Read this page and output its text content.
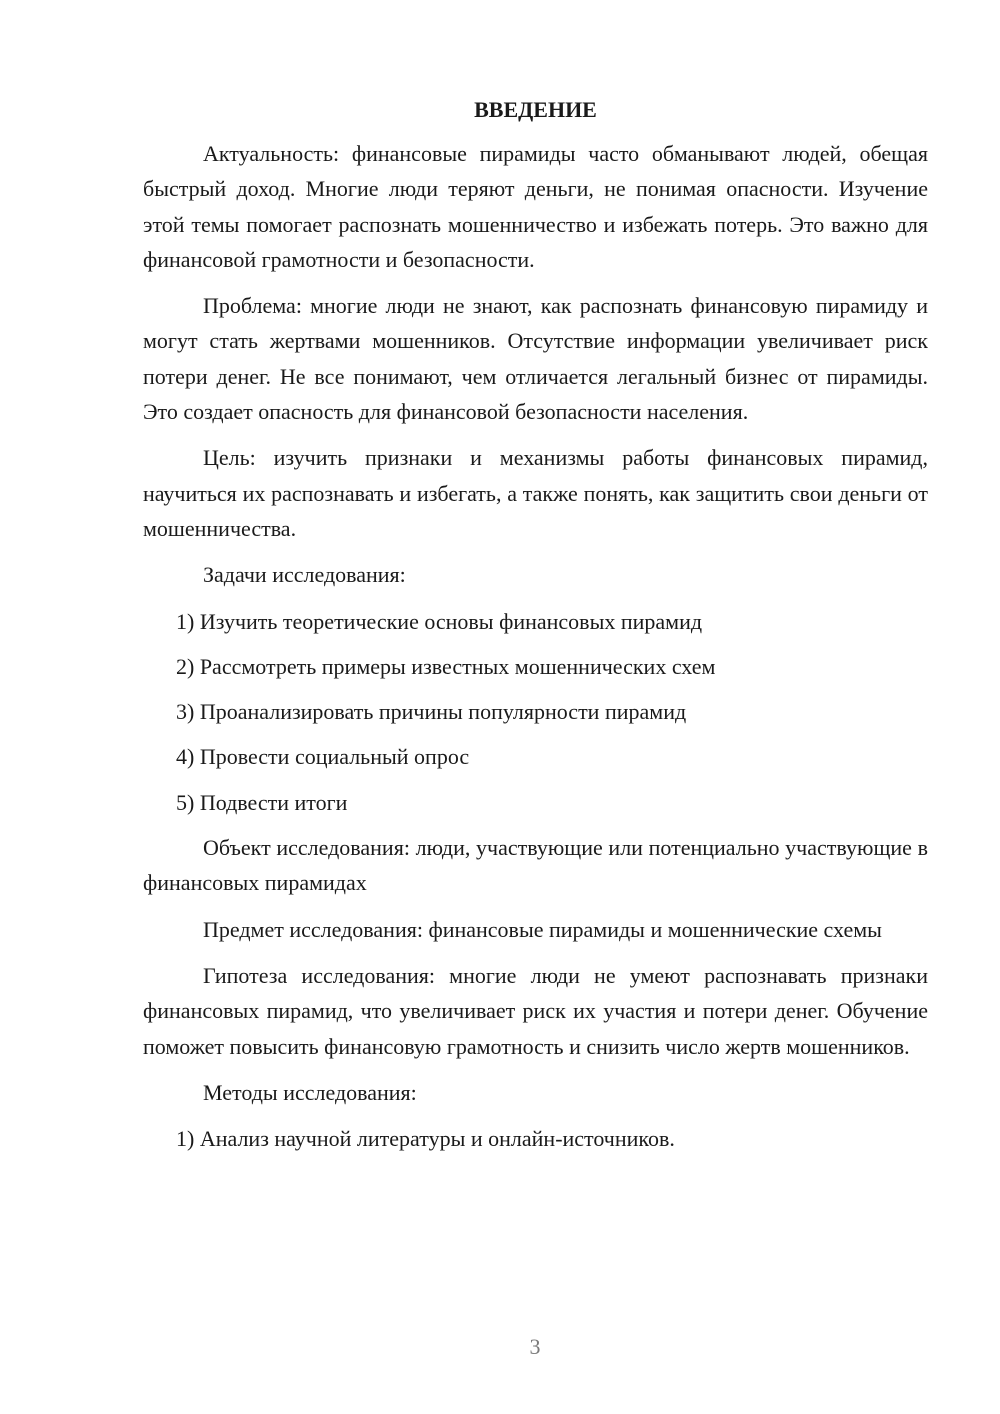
ВВЕДЕНИЕ

Актуальность: финансовые пирамиды часто обманывают людей, обещая быстрый доход. Многие люди теряют деньги, не понимая опасности. Изучение этой темы помогает распознать мошенничество и избежать потерь. Это важно для финансовой грамотности и безопасности.

Проблема: многие люди не знают, как распознать финансовую пирамиду и могут стать жертвами мошенников. Отсутствие информации увеличивает риск потери денег. Не все понимают, чем отличается легальный бизнес от пирамиды. Это создает опасность для финансовой безопасности населения.

Цель: изучить признаки и механизмы работы финансовых пирамид, научиться их распознавать и избегать, а также понять, как защитить свои деньги от мошенничества.

Задачи исследования:

1) Изучить теоретические основы финансовых пирамид
2) Рассмотреть примеры известных мошеннических схем
3) Проанализировать причины популярности пирамид
4) Провести социальный опрос
5) Подвести итоги

Объект исследования: люди, участвующие или потенциально участвующие в финансовых пирамидах

Предмет исследования: финансовые пирамиды и мошеннические схемы

Гипотеза исследования: многие люди не умеют распознавать признаки финансовых пирамид, что увеличивает риск их участия и потери денег. Обучение поможет повысить финансовую грамотность и снизить число жертв мошенников.

Методы исследования:

1) Анализ научной литературы и онлайн-источников.
3
